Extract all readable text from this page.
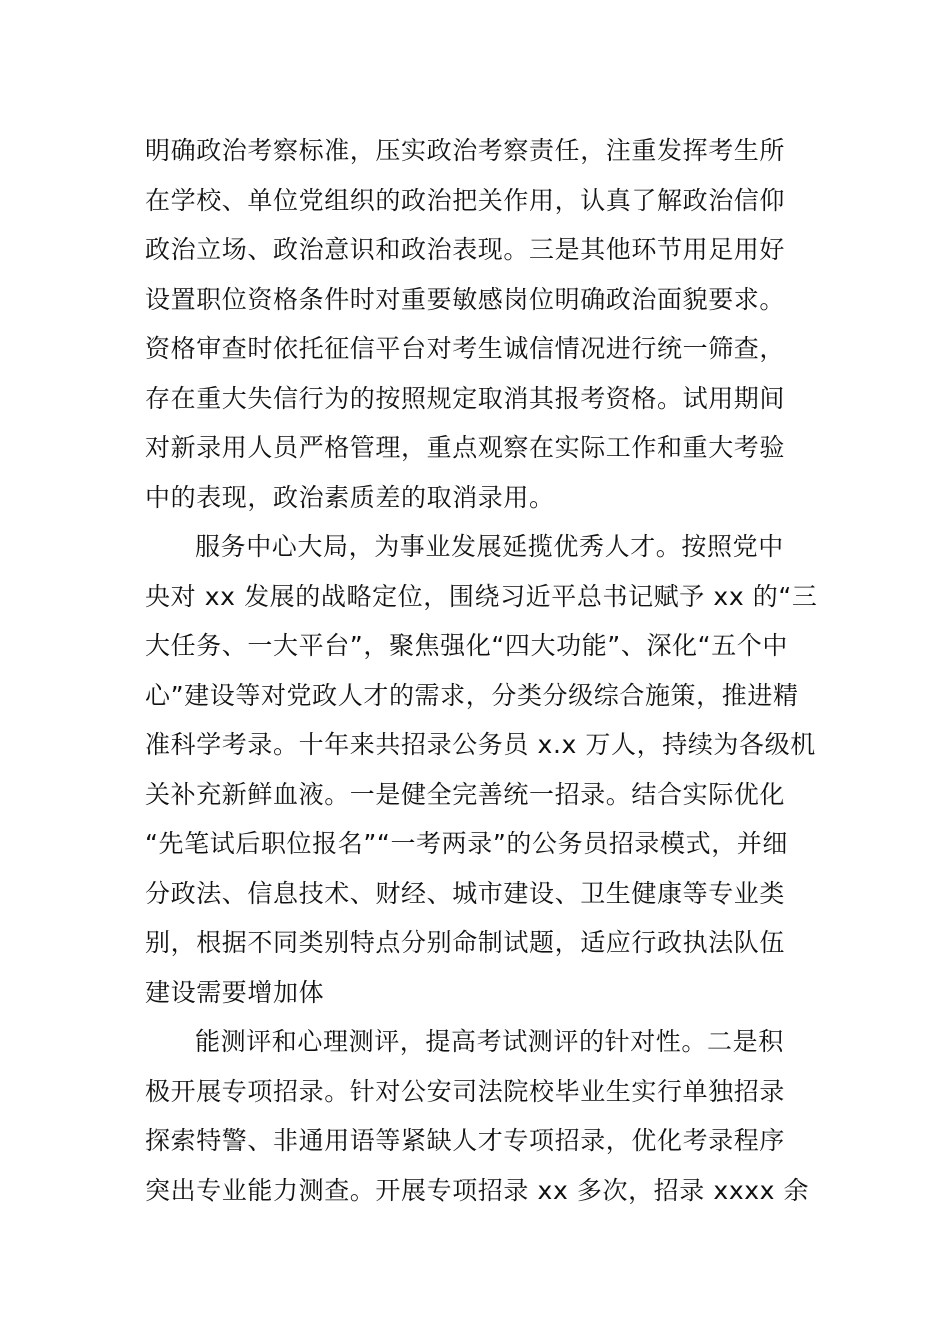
明确政治考察标准，压实政治考察责任，注重发挥考生所
在学校、单位党组织的政治把关作用，认真了解政治信仰
政治立场、政治意识和政治表现。三是其他环节用足用好
设置职位资格条件时对重要敏感岗位明确政治面貌要求。
资格审查时依托征信平台对考生诚信情况进行统一筛查，
存在重大失信行为的按照规定取消其报考资格。试用期间
对新录用人员严格管理，重点观察在实际工作和重大考验
中的表现，政治素质差的取消录用。
服务中心大局，为事业发展延揽优秀人才。按照党中
央对 xx 发展的战略定位，围绕习近平总书记赋予 xx 的“三
大任务、一大平台”，聚焦强化“四大功能”、深化“五个中
心”建设等对党政人才的需求，分类分级综合施策，推进精
准科学考录。十年来共招录公务员 x.x 万人，持续为各级机
关补充新鲜血液。一是健全完善统一招录。结合实际优化
“先笔试后职位报名”“一考两录”的公务员招录模式，并细
分政法、信息技术、财经、城市建设、卫生健康等专业类
别，根据不同类别特点分别命制试题，适应行政执法队伍
建设需要增加体
能测评和心理测评，提高考试测评的针对性。二是积
极开展专项招录。针对公安司法院校毕业生实行单独招录
探索特警、非通用语等紧缺人才专项招录，优化考录程序
突出专业能力测查。开展专项招录 xx 多次，招录 xxxx 余
